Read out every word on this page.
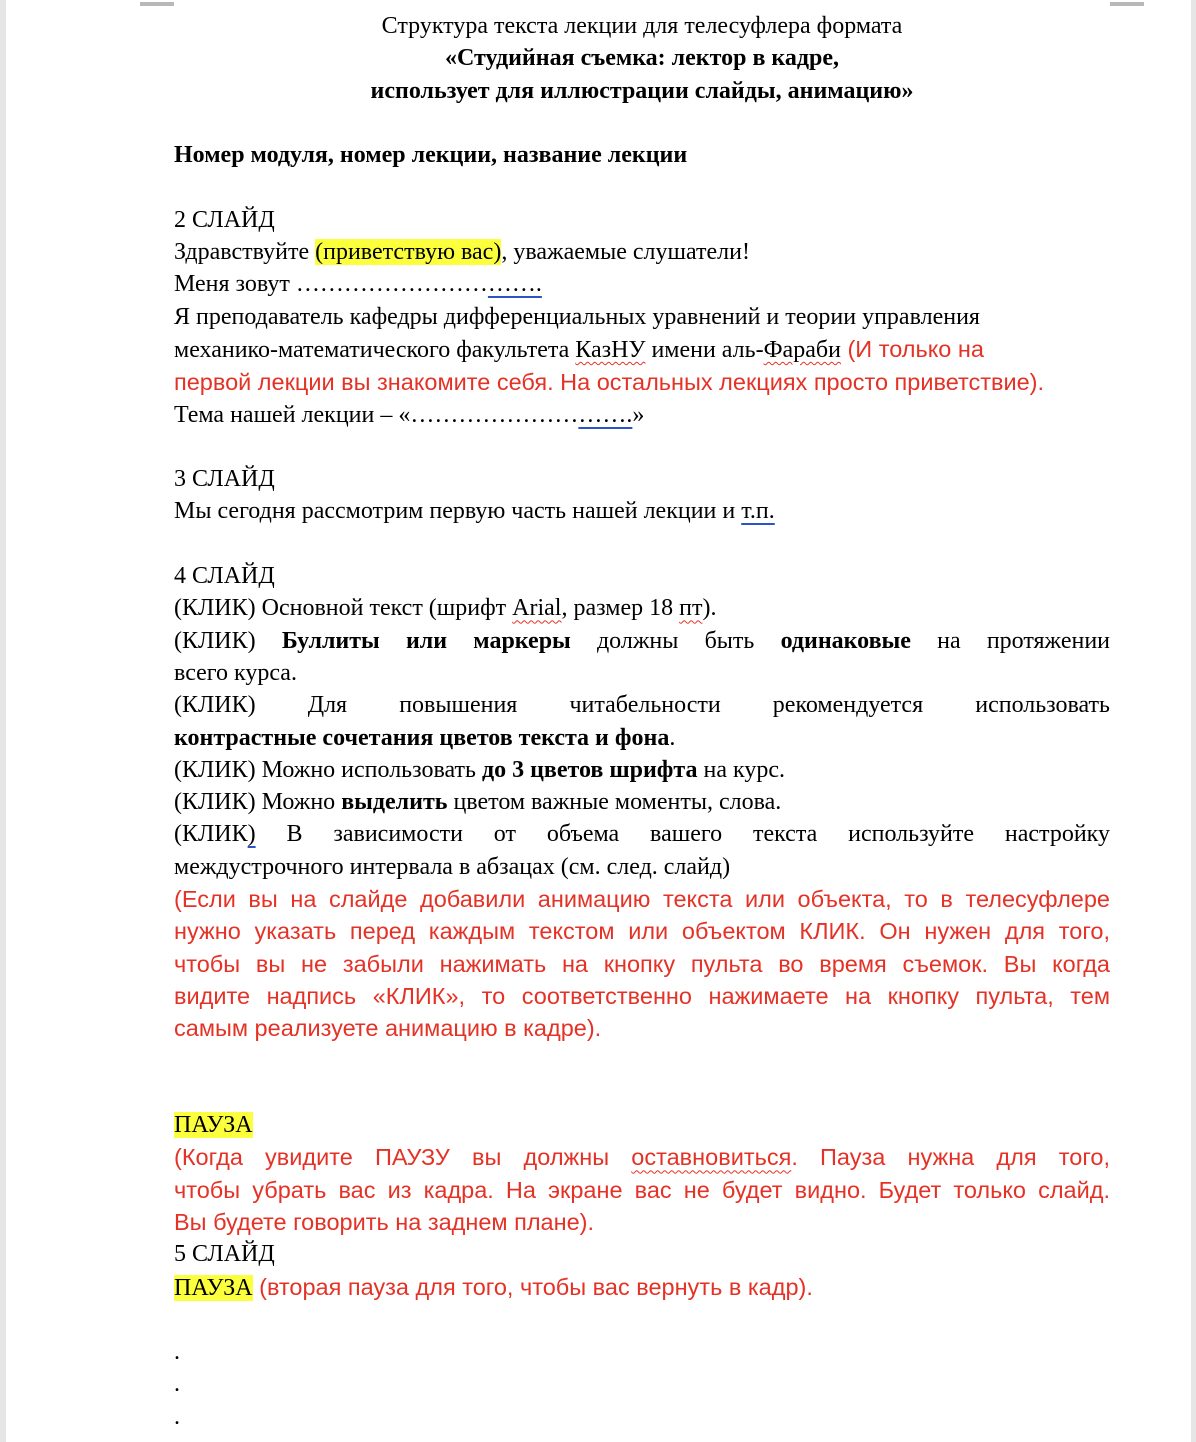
Структура текста лекции для телесуфлера формата
«Студийная съемка: лектор в кадре,
использует для иллюстрации слайды, анимацию»
Номер модуля, номер лекции, название лекции
2 СЛАЙД
Здравствуйте (приветствую вас), уважаемые слушатели!
Меня зовут ………………………….
Я преподаватель кафедры дифференциальных уравнений и теории управления
механико-математического факультета КазНУ имени аль-Фараби (И только на
первой лекции вы знакомите себя. На остальных лекциях просто приветствие).
Тема нашей лекции – «……………………….»
3 СЛАЙД
Мы сегодня рассмотрим первую часть нашей лекции и т.п.
4 СЛАЙД
(КЛИК) Основной текст (шрифт Arial, размер 18 пт).
(КЛИК) Буллиты или маркеры должны быть одинаковые на протяжении
всего курса.
(КЛИК) Для повышения читабельности рекомендуется использовать
контрастные сочетания цветов текста и фона.
(КЛИК) Можно использовать до 3 цветов шрифта на курс.
(КЛИК) Можно выделить цветом важные моменты, слова.
(КЛИК) В зависимости от объема вашего текста используйте настройку
междустрочного интервала в абзацах (см. след. слайд)
(Если вы на слайде добавили анимацию текста или объекта, то в телесуфлере
нужно указать перед каждым текстом или объектом КЛИК. Он нужен для того,
чтобы вы не забыли нажимать на кнопку пульта во время съемок. Вы когда
видите надпись «КЛИК», то соответственно нажимаете на кнопку пульта, тем
самым реализуете анимацию в кадре).
ПАУЗА
(Когда увидите ПАУЗУ вы должны оставновиться. Пауза нужна для того,
чтобы убрать вас из кадра. На экране вас не будет видно. Будет только слайд.
Вы будете говорить на заднем плане).
5 СЛАЙД
ПАУЗА (вторая пауза для того, чтобы вас вернуть в кадр).
.
.
.
